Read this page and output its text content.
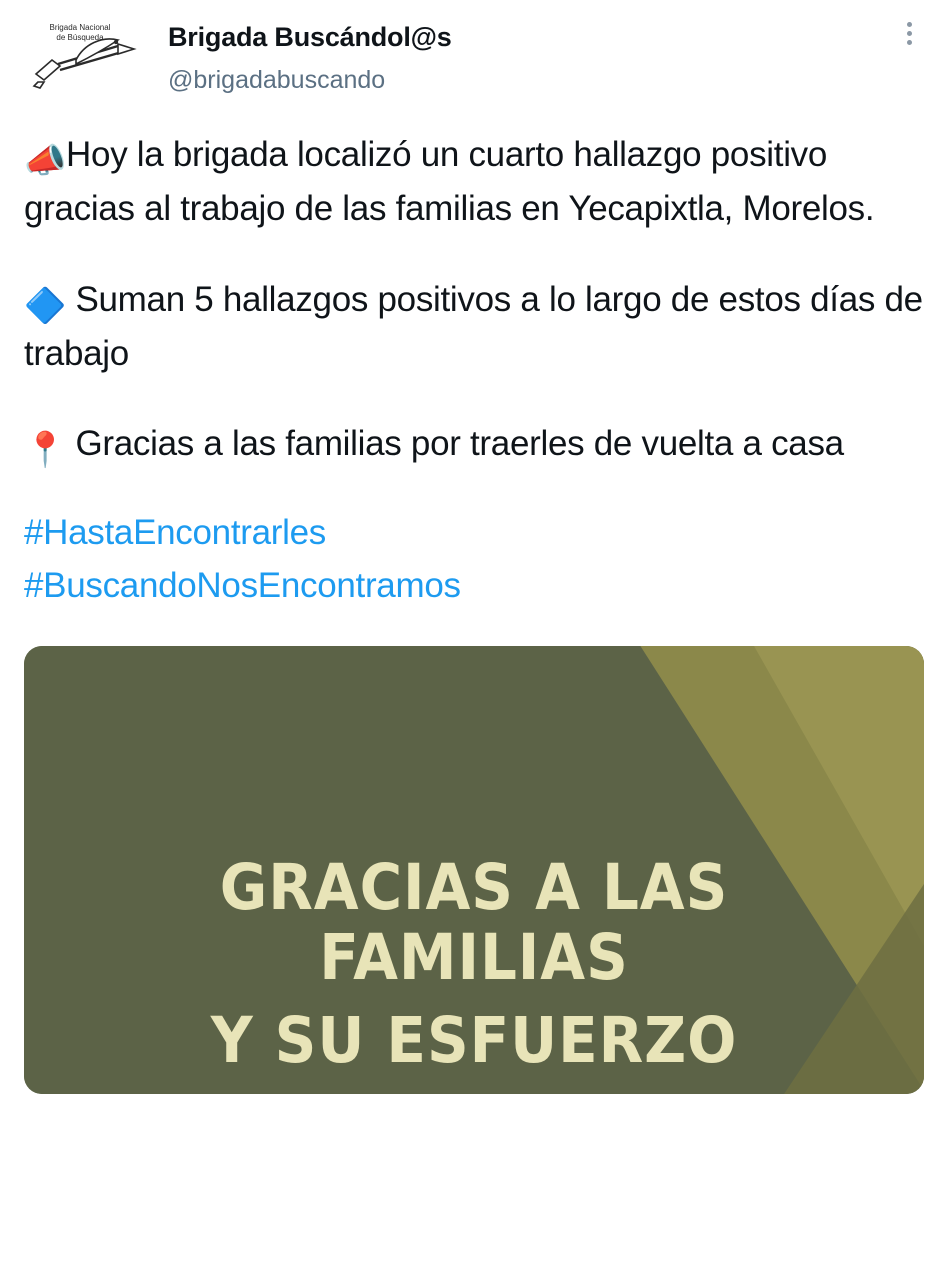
Brigada Nacional
de Búsqueda Brigada Buscándol@s
@brigadabuscando

📣Hoy la brigada localizó un cuarto hallazgo positivo gracias al trabajo de las familias en Yecapixtla, Morelos.

🔷 Suman 5 hallazgos positivos a lo largo de estos días de trabajo

📍 Gracias a las familias por traerles de vuelta a casa

#HastaEncontrarles
#BuscandoNosEncontramos

GRACIAS A LAS FAMILIAS
Y SU ESFUERZO
